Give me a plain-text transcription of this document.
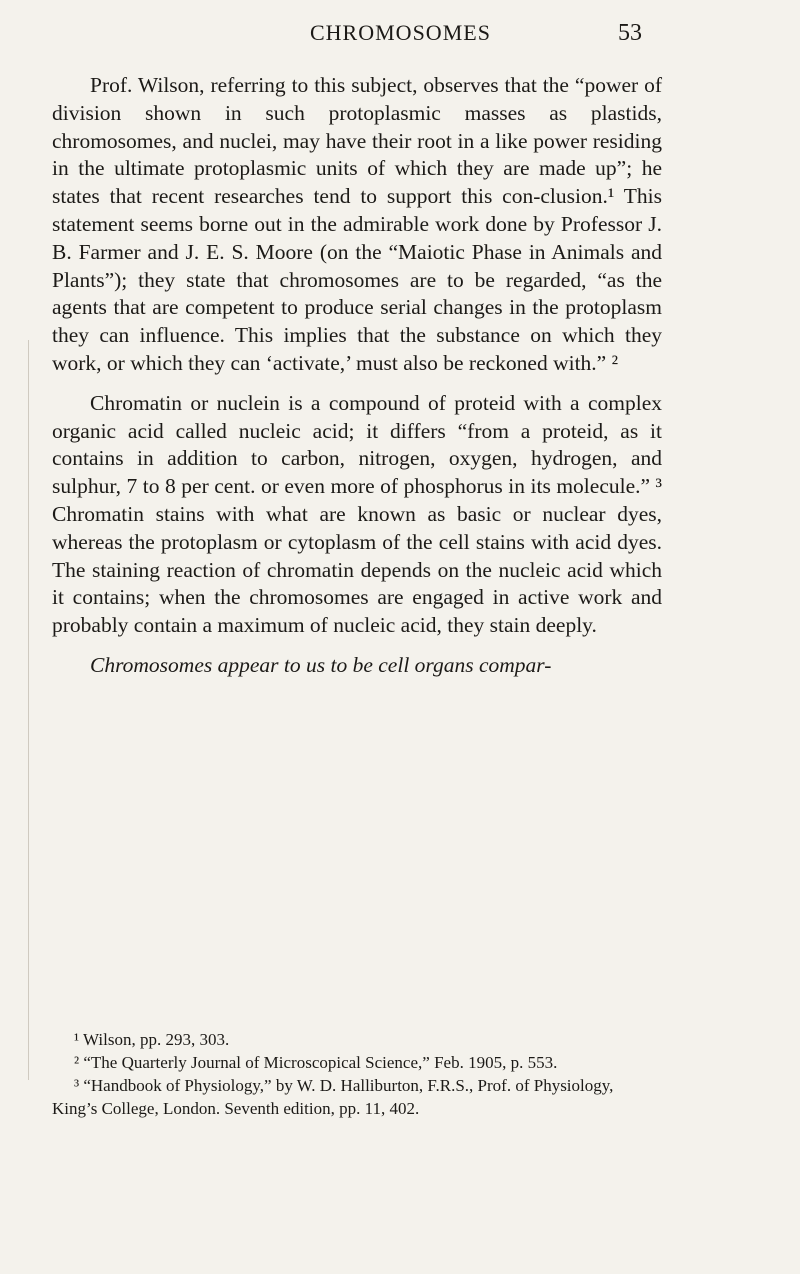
CHROMOSOMES	53

Prof. Wilson, referring to this subject, observes that the “power of division shown in such protoplasmic masses as plastids, chromosomes, and nuclei, may have their root in a like power residing in the ultimate protoplasmic units of which they are made up”; he states that recent researches tend to support this con-clusion.¹ This statement seems borne out in the admirable work done by Professor J. B. Farmer and J. E. S. Moore (on the “Maiotic Phase in Animals and Plants”); they state that chromosomes are to be regarded, “as the agents that are competent to produce serial changes in the protoplasm they can influence. This implies that the substance on which they work, or which they can ‘activate,’ must also be reckoned with.” ²

Chromatin or nuclein is a compound of proteid with a complex organic acid called nucleic acid; it differs “from a proteid, as it contains in addition to carbon, nitrogen, oxygen, hydrogen, and sulphur, 7 to 8 per cent. or even more of phosphorus in its molecule.” ³ Chromatin stains with what are known as basic or nuclear dyes, whereas the protoplasm or cytoplasm of the cell stains with acid dyes. The staining reaction of chromatin depends on the nucleic acid which it contains; when the chromosomes are engaged in active work and probably contain a maximum of nucleic acid, they stain deeply.

Chromosomes appear to us to be cell organs compar-

¹ Wilson, pp. 293, 303.

² “The Quarterly Journal of Microscopical Science,” Feb. 1905, p. 553.

³ “Handbook of Physiology,” by W. D. Halliburton, F.R.S., Prof. of Physiology, King’s College, London. Seventh edition, pp. 11, 402.
